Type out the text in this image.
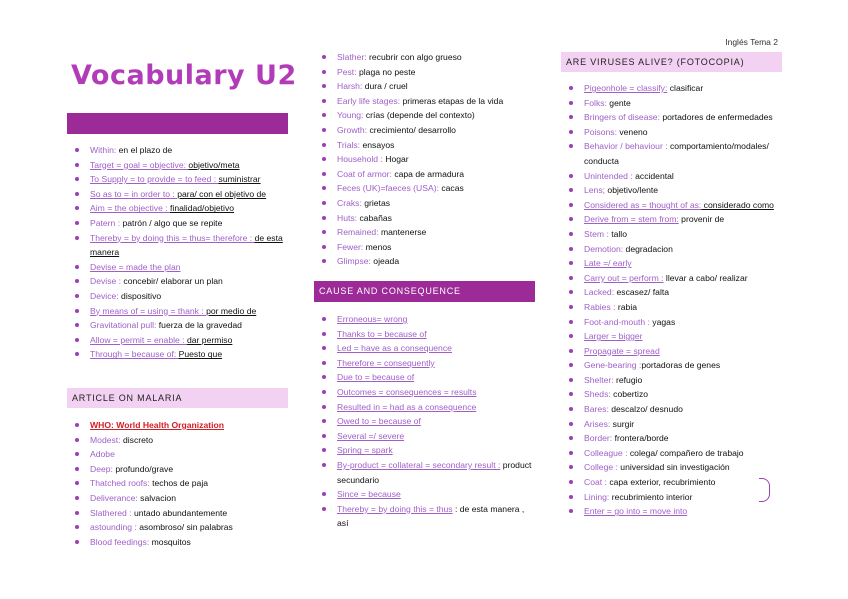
Inglés Tema 2
Vocabulary U2
Within: en el plazo de
Target = goal = objective: objetivo/meta
To Supply = to provide = to feed : suministrar
So as to = in order to : para/ con el objetivo de
Aim = the objective : finalidad/objetivo
Patern : patrón / algo que se repite
Thereby = by doing this = thus= therefore : de esta manera
Devise = made the plan
Devise : concebir/ elaborar un plan
Device: dispositivo
By means of = using = thank : por medio de
Gravitational pull: fuerza de la gravedad
Allow = permit = enable : dar permiso
Through = because of: Puesto que
ARTICLE ON MALARIA
WHO: World Health Organization
Modest: discreto
Adobe
Deep: profundo/grave
Thatched roofs: techos de paja
Deliverance: salvacion
Slathered : untado abundantemente
astounding : asombroso/ sin palabras
Blood feedings: mosquitos
Slather: recubrir con algo grueso
Pest: plaga no peste
Harsh: dura / cruel
Early life stages: primeras etapas de la vida
Young: crías (depende del contexto)
Growth: crecimiento/ desarrollo
Trials: ensayos
Household : Hogar
Coat of armor: capa de armadura
Feces (UK)=faeces (USA): cacas
Craks: grietas
Huts: cabañas
Remained: mantenerse
Fewer: menos
Glimpse: ojeada
CAUSE AND CONSEQUENCE
Erroneous= wrong
Thanks to = because of
Led = have as a consequence
Therefore = consequently
Due to = because of
Outcomes = consequences = results
Resulted in = had as a consequence
Owed to = because of
Several =/ severe
Spring = spark
By-product = collateral = secondary result : product secundario
Since = because
Thereby = by doing this = thus : de esta manera , así
ARE VIRUSES ALIVE? (FOTOCOPIA)
Pigeonhole = classify: clasificar
Folks: gente
Bringers of disease: portadores de enfermedades
Poisons: veneno
Behavior / behaviour : comportamiento/modales/ conducta
Unintended : accidental
Lens; objetivo/lente
Considered as = thought of as: considerado como
Derive from = stem from: provenir de
Stem : tallo
Demotion: degradacion
Late =/ early
Carry out = perform : llevar a cabo/ realizar
Lacked: escasez/ falta
Rabies : rabia
Foot-and-mouth : yagas
Larger = bigger
Propagate = spread
Gene-bearing :portadoras de genes
Shelter: refugio
Sheds: cobertizo
Bares: descalzo/ desnudo
Arises: surgir
Border: frontera/borde
Colleague : colega/ compañero de trabajo
College : universidad sin investigación
Coat : capa exterior, recubrimiento
Lining: recubrimiento interior
Enter = go into = move into
